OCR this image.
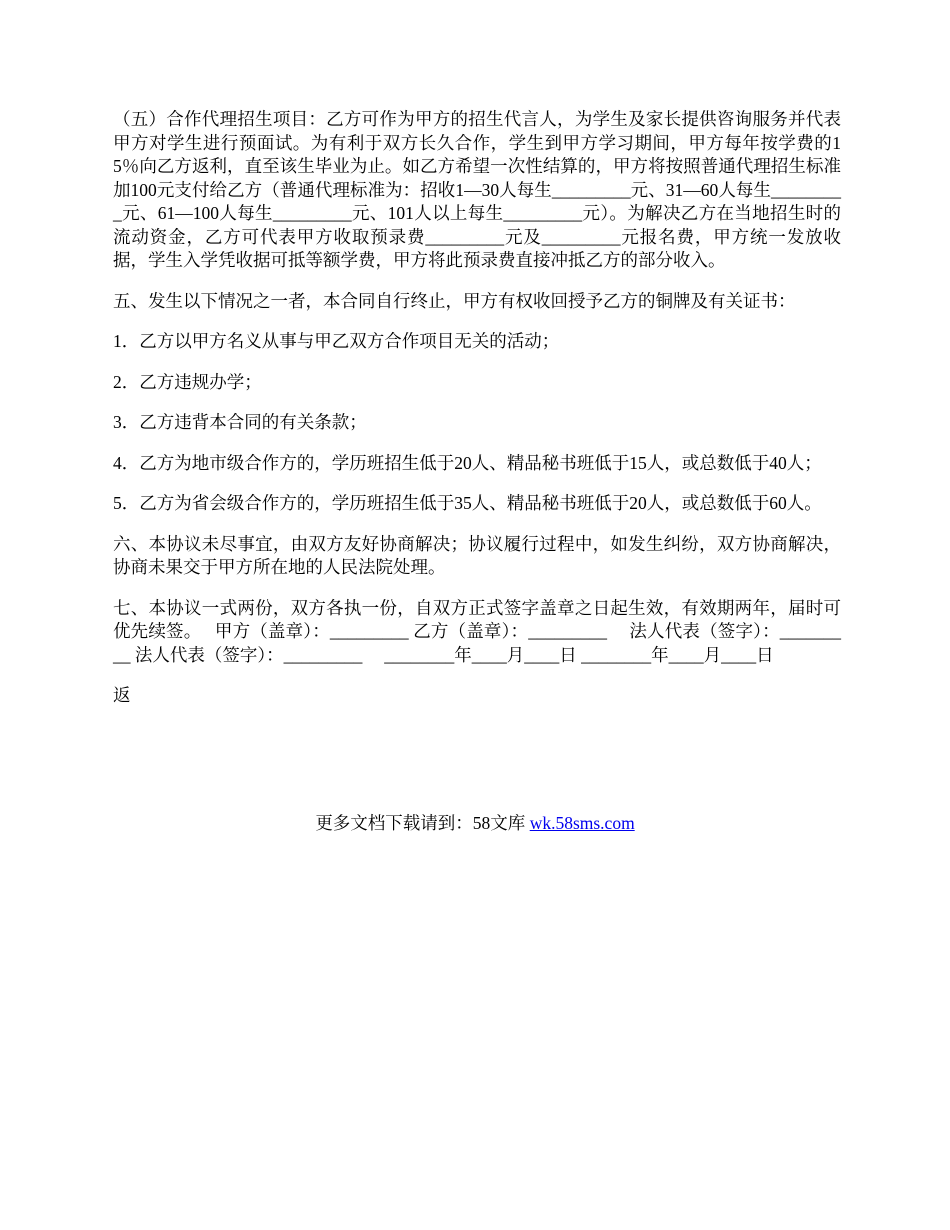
（五）合作代理招生项目：乙方可作为甲方的招生代言人，为学生及家长提供咨询服务并代表甲方对学生进行预面试。为有利于双方长久合作，学生到甲方学习期间，甲方每年按学费的15％向乙方返利，直至该生毕业为止。如乙方希望一次性结算的，甲方将按照普通代理招生标准加100元支付给乙方（普通代理标准为：招收1—30人每生_________元、31—60人每生_________元、61—100人每生_________元、101人以上每生_________元）。为解决乙方在当地招生时的流动资金，乙方可代表甲方收取预录费_________元及_________元报名费，甲方统一发放收据，学生入学凭收据可抵等额学费，甲方将此预录费直接冲抵乙方的部分收入。

五、发生以下情况之一者，本合同自行终止，甲方有权收回授予乙方的铜牌及有关证书：

1．乙方以甲方名义从事与甲乙双方合作项目无关的活动；

2．乙方违规办学；

3．乙方违背本合同的有关条款；

4．乙方为地市级合作方的，学历班招生低于20人、精品秘书班低于15人，或总数低于40人；

5．乙方为省会级合作方的，学历班招生低于35人、精品秘书班低于20人，或总数低于60人。

六、本协议未尽事宜，由双方友好协商解决；协议履行过程中，如发生纠纷，双方协商解决，协商未果交于甲方所在地的人民法院处理。

七、本协议一式两份，双方各执一份，自双方正式签字盖章之日起生效，有效期两年，届时可优先续签。　 甲方（盖章）：_________ 乙方（盖章）：_________　 法人代表（签字）：_________ 法人代表（签字）：_________　 ________年____月____日 ________年____月____日

返

更多文档下载请到：58文库 wk.58sms.com
